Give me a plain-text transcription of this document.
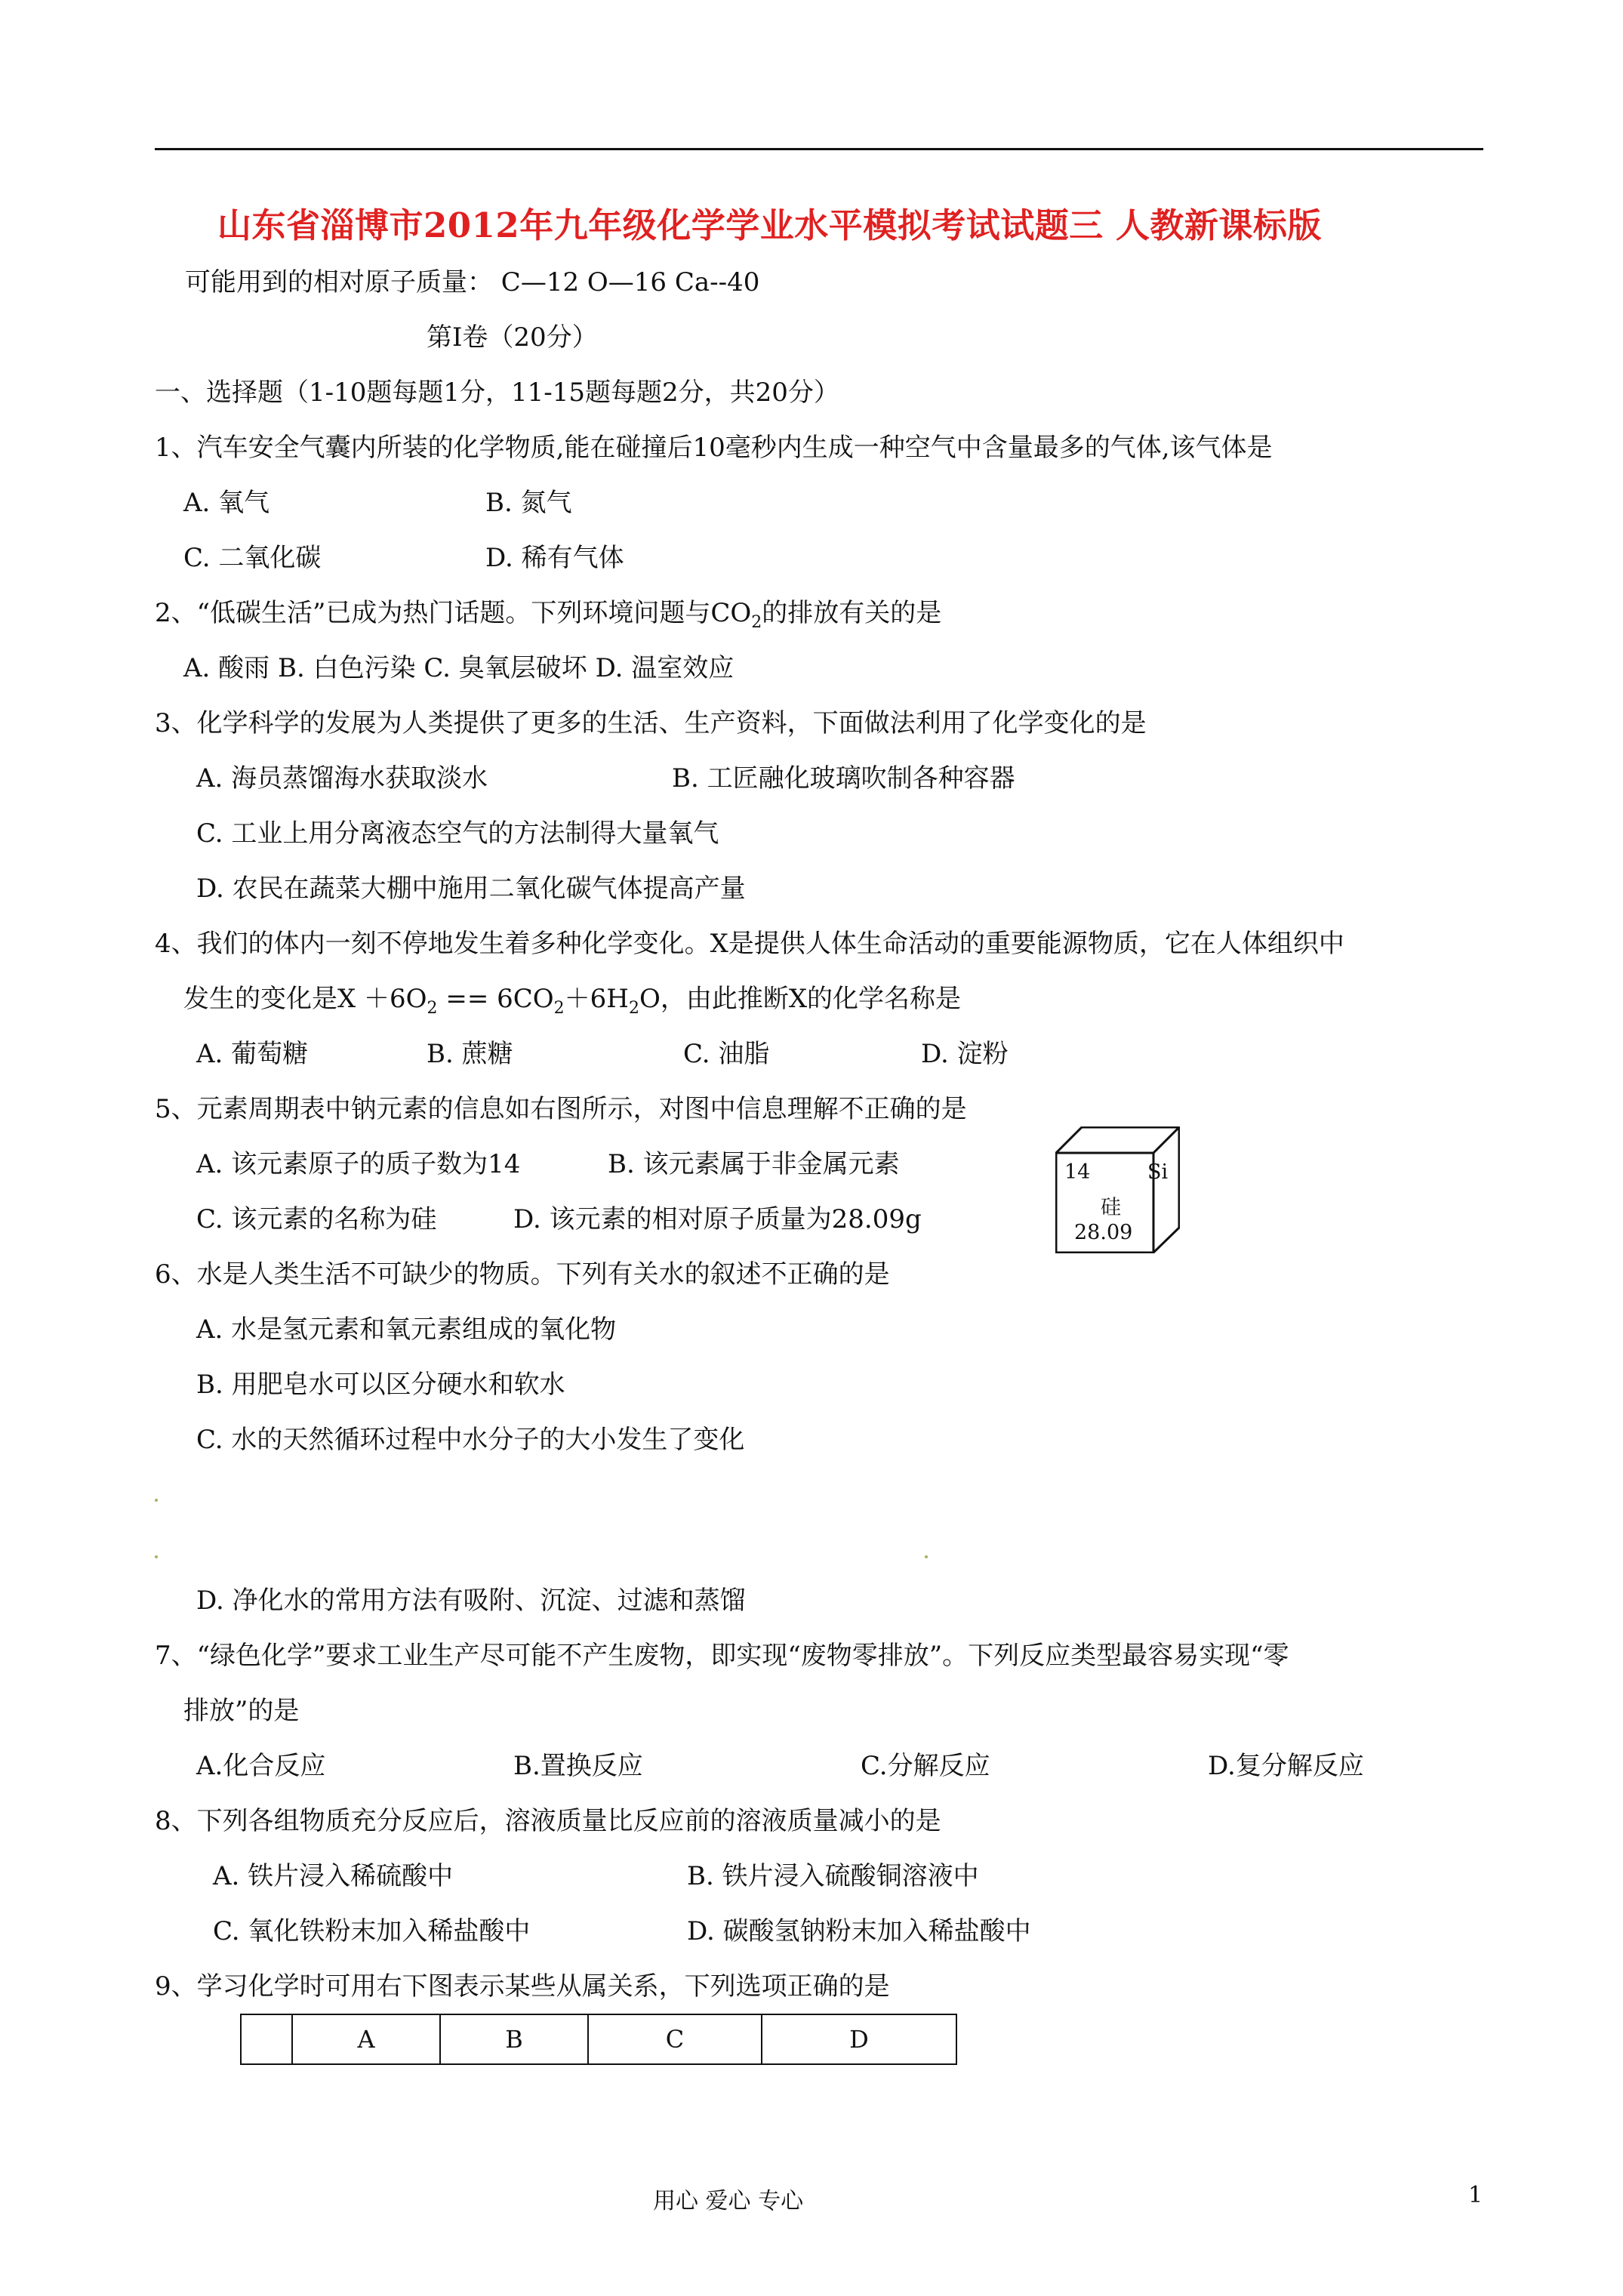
山东省淄博市2012年九年级化学学业水平模拟考试试题三 人教新课标版
可能用到的相对原子质量： C—12 O—16 Ca--40
第Ⅰ卷（20分）
一、选择题（1-10题每题1分，11-15题每题2分，共20分）
1、汽车安全气囊内所装的化学物质,能在碰撞后10毫秒内生成一种空气中含量最多的气体,该气体是
A. 氧气	B. 氮气
C. 二氧化碳	D. 稀有气体
2、“低碳生活”已成为热门话题。下列环境问题与$CO_2$的排放有关的是
A. 酸雨 B. 白色污染 C. 臭氧层破坏 D. 温室效应
3、化学科学的发展为人类提供了更多的生活、生产资料，下面做法利用了化学变化的是
A. 海员蒸馏海水获取淡水	B. 工匠融化玻璃吹制各种容器
C. 工业上用分离液态空气的方法制得大量氧气
D. 农民在蔬菜大棚中施用二氧化碳气体提高产量
4、我们的体内一刻不停地发生着多种化学变化。X是提供人体生命活动的重要能源物质，它在人体组织中
发生的变化是$X +6O_2 == 6CO_2+6H_2O$，由此推断X的化学名称是
A. 葡萄糖	B. 蔗糖	C. 油脂	D. 淀粉
5、元素周期表中钠元素的信息如右图所示，对图中信息理解不正确的是
A. 该元素原子的质子数为14	B. 该元素属于非金属元素
C. 该元素的名称为硅	D. 该元素的相对原子质量为28.09g
14	Si
硅
28.09
6、水是人类生活不可缺少的物质。下列有关水的叙述不正确的是
A. 水是氢元素和氧元素组成的氧化物
B. 用肥皂水可以区分硬水和软水
C. 水的天然循环过程中水分子的大小发生了变化
D. 净化水的常用方法有吸附、沉淀、过滤和蒸馏
7、“绿色化学”要求工业生产尽可能不产生废物，即实现“废物零排放”。下列反应类型最容易实现“零
排放”的是
A.化合反应	B.置换反应	C.分解反应	D.复分解反应
8、下列各组物质充分反应后，溶液质量比反应前的溶液质量减小的是
A. 铁片浸入稀硫酸中	B. 铁片浸入硫酸铜溶液中
C. 氧化铁粉末加入稀盐酸中	D. 碳酸氢钠粉末加入稀盐酸中
9、学习化学时可用右下图表示某些从属关系，下列选项正确的是
A	B	C	D
用心 爱心 专心	1
